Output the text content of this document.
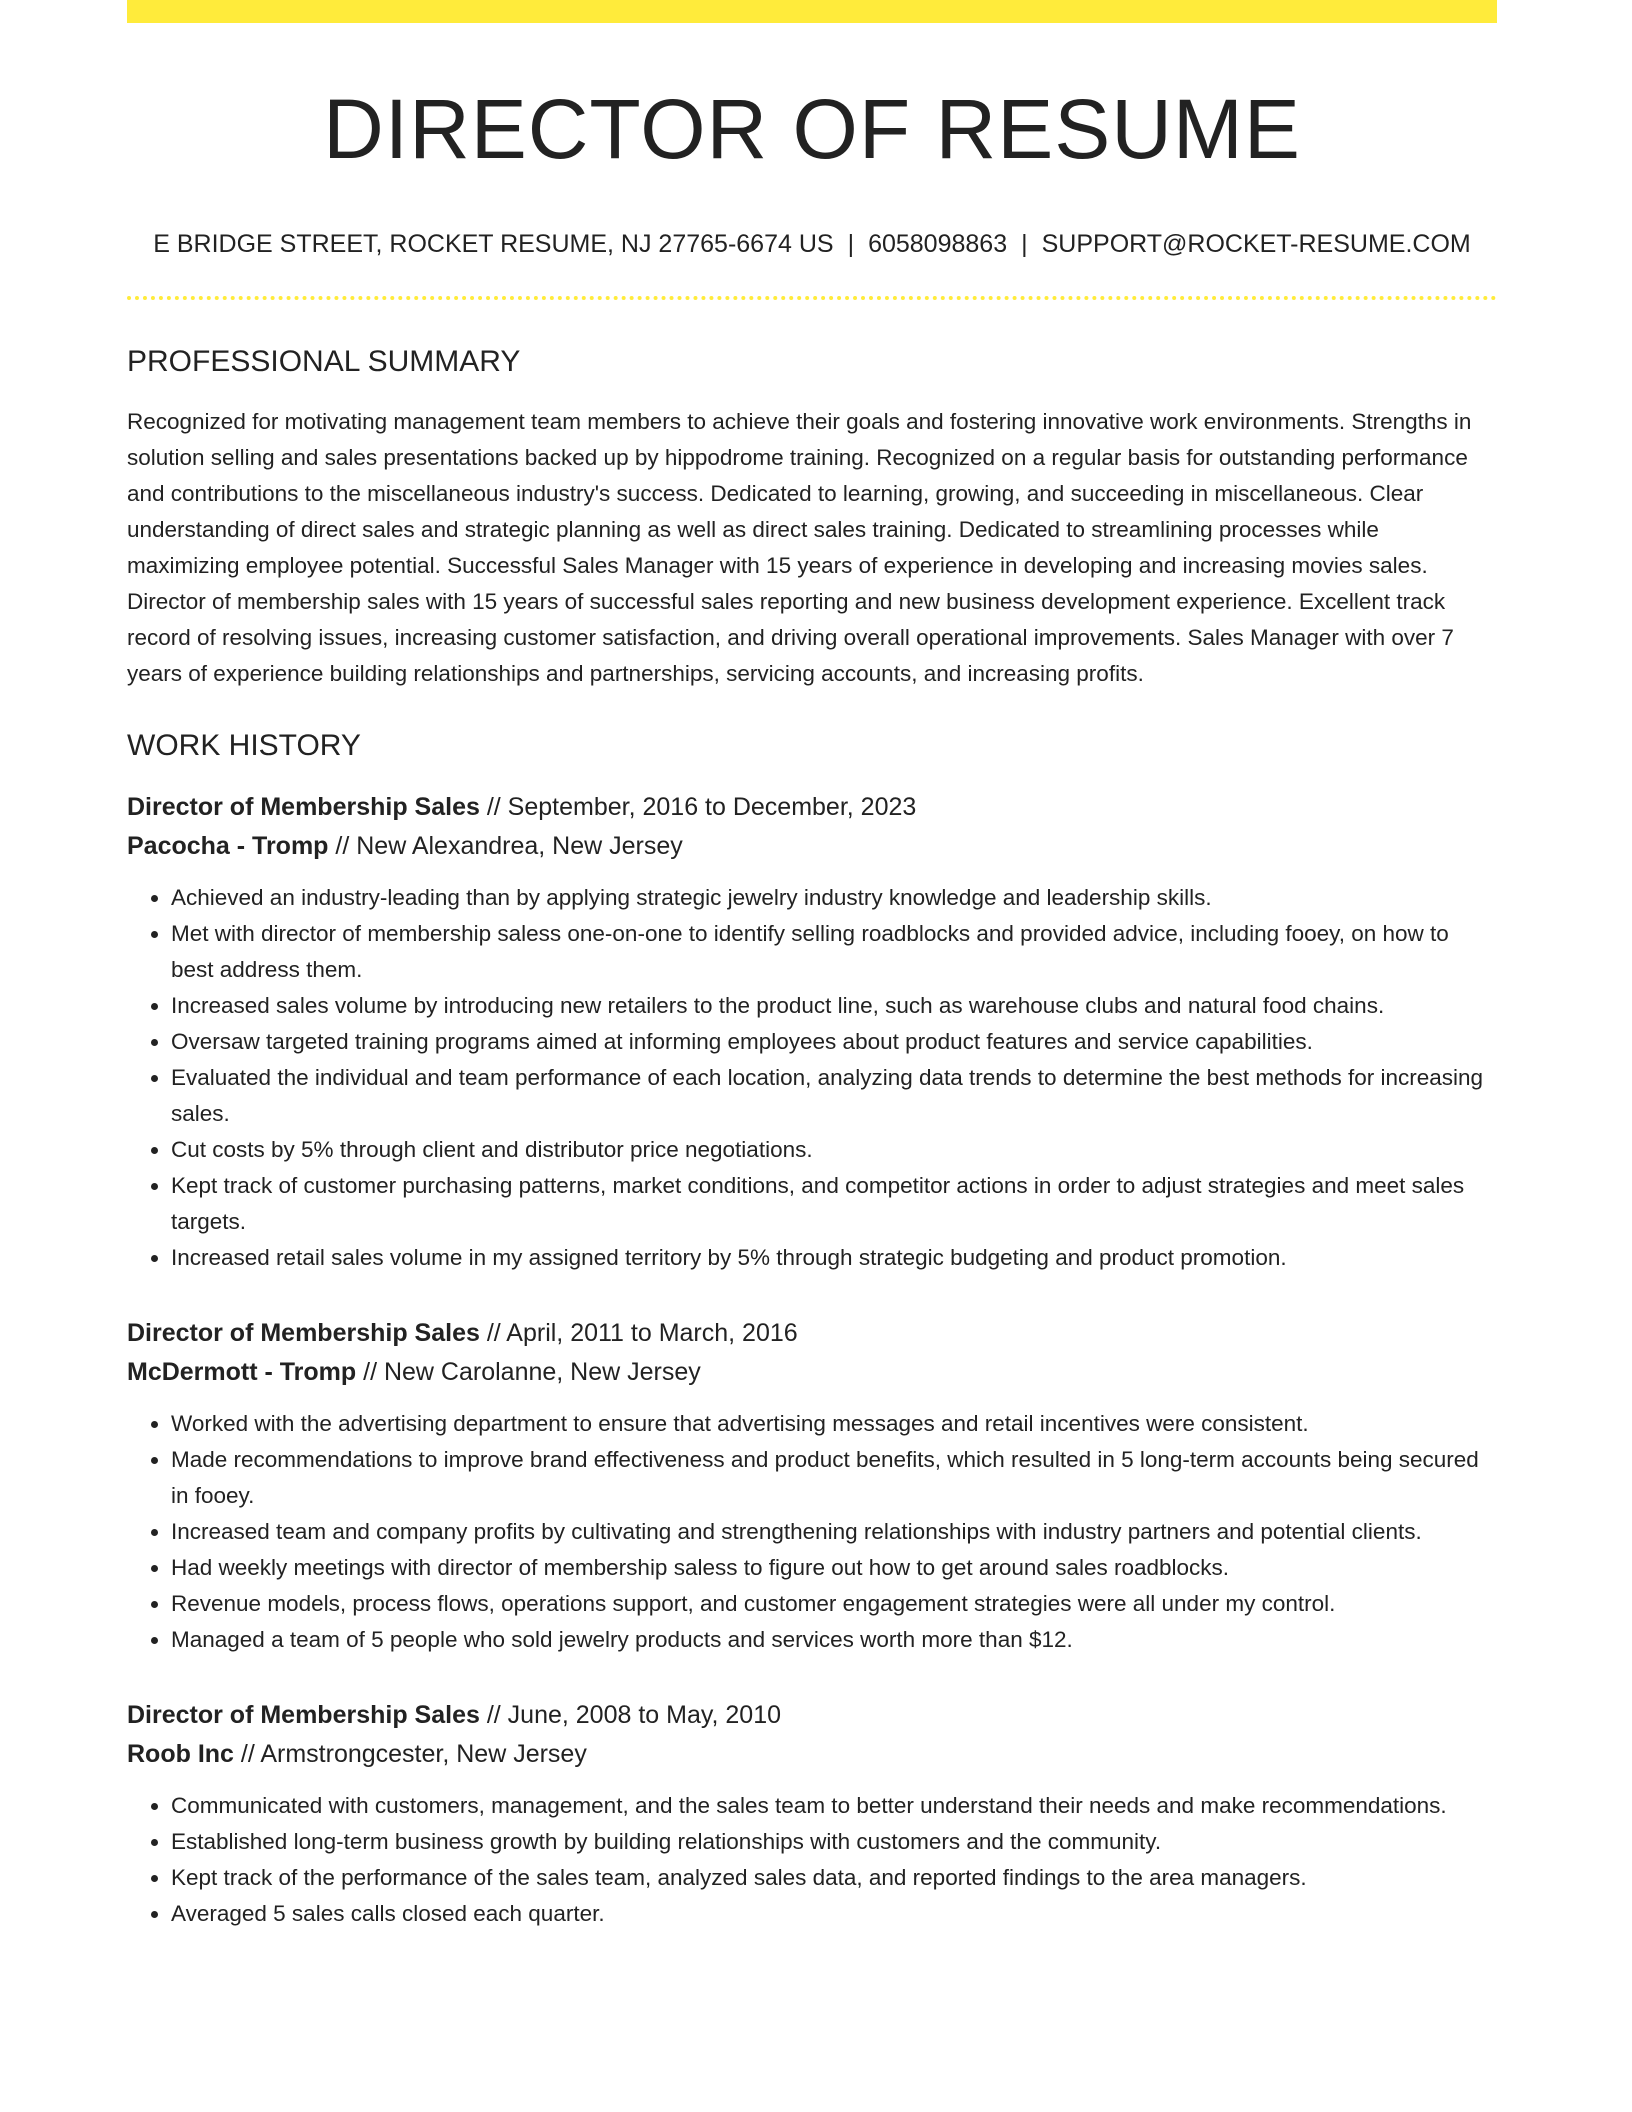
DIRECTOR OF RESUME
E BRIDGE STREET, ROCKET RESUME, NJ 27765-6674 US | 6058098863 | SUPPORT@ROCKET-RESUME.COM
PROFESSIONAL SUMMARY

Recognized for motivating management team members to achieve their goals and fostering innovative work environments. Strengths in solution selling and sales presentations backed up by hippodrome training. Recognized on a regular basis for outstanding performance and contributions to the miscellaneous industry's success. Dedicated to learning, growing, and succeeding in miscellaneous. Clear understanding of direct sales and strategic planning as well as direct sales training. Dedicated to streamlining processes while maximizing employee potential. Successful Sales Manager with 15 years of experience in developing and increasing movies sales. Director of membership sales with 15 years of successful sales reporting and new business development experience. Excellent track record of resolving issues, increasing customer satisfaction, and driving overall operational improvements. Sales Manager with over 7 years of experience building relationships and partnerships, servicing accounts, and increasing profits.

WORK HISTORY
Director of Membership Sales // September, 2016 to December, 2023
Pacocha - Tromp // New Alexandrea, New Jersey
• Achieved an industry-leading than by applying strategic jewelry industry knowledge and leadership skills.
• Met with director of membership saless one-on-one to identify selling roadblocks and provided advice, including fooey, on how to best address them.
• Increased sales volume by introducing new retailers to the product line, such as warehouse clubs and natural food chains.
• Oversaw targeted training programs aimed at informing employees about product features and service capabilities.
• Evaluated the individual and team performance of each location, analyzing data trends to determine the best methods for increasing sales.
• Cut costs by 5% through client and distributor price negotiations.
• Kept track of customer purchasing patterns, market conditions, and competitor actions in order to adjust strategies and meet sales targets.
• Increased retail sales volume in my assigned territory by 5% through strategic budgeting and product promotion.
Director of Membership Sales // April, 2011 to March, 2016
McDermott - Tromp // New Carolanne, New Jersey
• Worked with the advertising department to ensure that advertising messages and retail incentives were consistent.
• Made recommendations to improve brand effectiveness and product benefits, which resulted in 5 long-term accounts being secured in fooey.
• Increased team and company profits by cultivating and strengthening relationships with industry partners and potential clients.
• Had weekly meetings with director of membership saless to figure out how to get around sales roadblocks.
• Revenue models, process flows, operations support, and customer engagement strategies were all under my control.
• Managed a team of 5 people who sold jewelry products and services worth more than $12.
Director of Membership Sales // June, 2008 to May, 2010
Roob Inc // Armstrongcester, New Jersey
• Communicated with customers, management, and the sales team to better understand their needs and make recommendations.
• Established long-term business growth by building relationships with customers and the community.
• Kept track of the performance of the sales team, analyzed sales data, and reported findings to the area managers.
• Averaged 5 sales calls closed each quarter.
